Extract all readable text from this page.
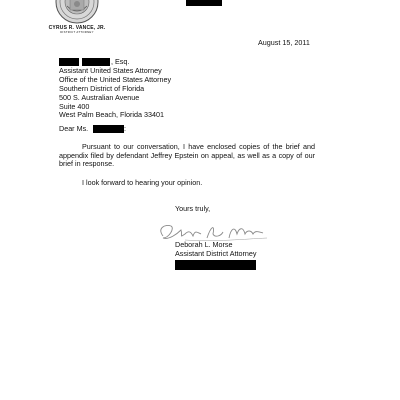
CYRUS R. VANCE, JR.
DISTRICT ATTORNEY
August 15, 2011
, Esq.
Assistant United States Attorney
Office of the United States Attorney
Southern District of Florida
500 S. Australian Avenue
Suite 400
West Palm Beach, Florida 33401
Dear Ms.	:
Pursuant to our conversation, I have enclosed copies of the brief and appendix filed by defendant Jeffrey Epstein on appeal, as well as a copy of our brief in response.
I look forward to hearing your opinion.
Yours truly,
Deborah L. Morse
Assistant District Attorney
